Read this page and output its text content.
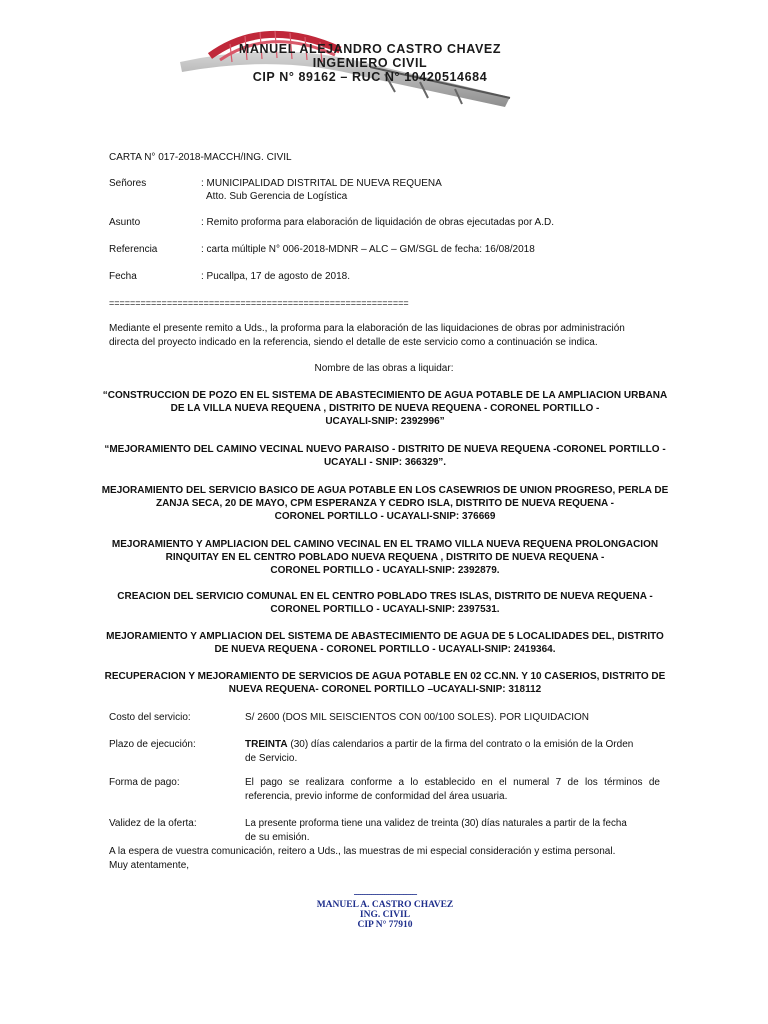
MANUEL ALEJANDRO CASTRO CHAVEZ
INGENIERO CIVIL
CIP N° 89162 – RUC N° 10420514684
CARTA N° 017-2018-MACCH/ING. CIVIL
Señores	: MUNICIPALIDAD DISTRITAL DE NUEVA REQUENA
Atto. Sub Gerencia de Logística
Asunto	: Remito proforma para elaboración de liquidación de obras ejecutadas por A.D.
Referencia	: carta múltiple N° 006-2018-MDNR – ALC – GM/SGL de fecha: 16/08/2018
Fecha	: Pucallpa, 17 de agosto de 2018.
=========================================================
Mediante el presente remito a Uds., la proforma para la elaboración de las liquidaciones de obras por administración
directa del proyecto indicado en la referencia, siendo el detalle de este servicio como a continuación se indica.
Nombre de las obras a liquidar:
“CONSTRUCCION DE POZO EN EL SISTEMA DE ABASTECIMIENTO DE AGUA POTABLE DE LA AMPLIACION URBANA
DE LA VILLA NUEVA REQUENA , DISTRITO DE NUEVA REQUENA - CORONEL PORTILLO -
UCAYALI-SNIP: 2392996”
“MEJORAMIENTO DEL CAMINO VECINAL NUEVO PARAISO - DISTRITO DE NUEVA REQUENA -CORONEL PORTILLO -
UCAYALI - SNIP: 366329”.
MEJORAMIENTO DEL SERVICIO BASICO DE AGUA POTABLE EN LOS CASEWRIOS DE UNION PROGRESO, PERLA DE
ZANJA SECA, 20 DE MAYO, CPM ESPERANZA Y CEDRO ISLA, DISTRITO DE NUEVA REQUENA -
CORONEL PORTILLO - UCAYALI-SNIP: 376669
MEJORAMIENTO Y AMPLIACION DEL CAMINO VECINAL EN EL TRAMO VILLA NUEVA REQUENA PROLONGACION
RINQUITAY EN EL CENTRO POBLADO NUEVA REQUENA , DISTRITO DE NUEVA REQUENA -
CORONEL PORTILLO - UCAYALI-SNIP: 2392879.
CREACION DEL SERVICIO COMUNAL EN EL CENTRO POBLADO TRES ISLAS, DISTRITO DE NUEVA REQUENA -
CORONEL PORTILLO - UCAYALI-SNIP: 2397531.
MEJORAMIENTO Y AMPLIACION DEL SISTEMA DE ABASTECIMIENTO DE AGUA DE 5 LOCALIDADES DEL, DISTRITO
DE NUEVA REQUENA - CORONEL PORTILLO - UCAYALI-SNIP: 2419364.
RECUPERACION Y MEJORAMIENTO DE SERVICIOS DE AGUA POTABLE EN 02 CC.NN. Y 10 CASERIOS, DISTRITO DE
NUEVA REQUENA- CORONEL PORTILLO –UCAYALI-SNIP: 318112
Costo del servicio:	S/ 2600 (DOS MIL SEISCIENTOS CON 00/100 SOLES). POR LIQUIDACION
Plazo de ejecución:	TREINTA (30) días calendarios a partir de la firma del contrato o la emisión de la Orden
de Servicio.
Forma de pago:	El pago se realizara conforme a lo establecido en el numeral 7 de los términos de
referencia, previo informe de conformidad del área usuaria.
Validez de la oferta:	La presente proforma tiene una validez de treinta (30) días naturales a partir de la fecha
de su emisión.
A la espera de vuestra comunicación, reitero a Uds., las muestras de mi especial consideración y estima personal.
Muy atentamente,
-----------------------------
MANUEL A. CASTRO CHAVEZ
ING. CIVIL
CIP N° 77910
